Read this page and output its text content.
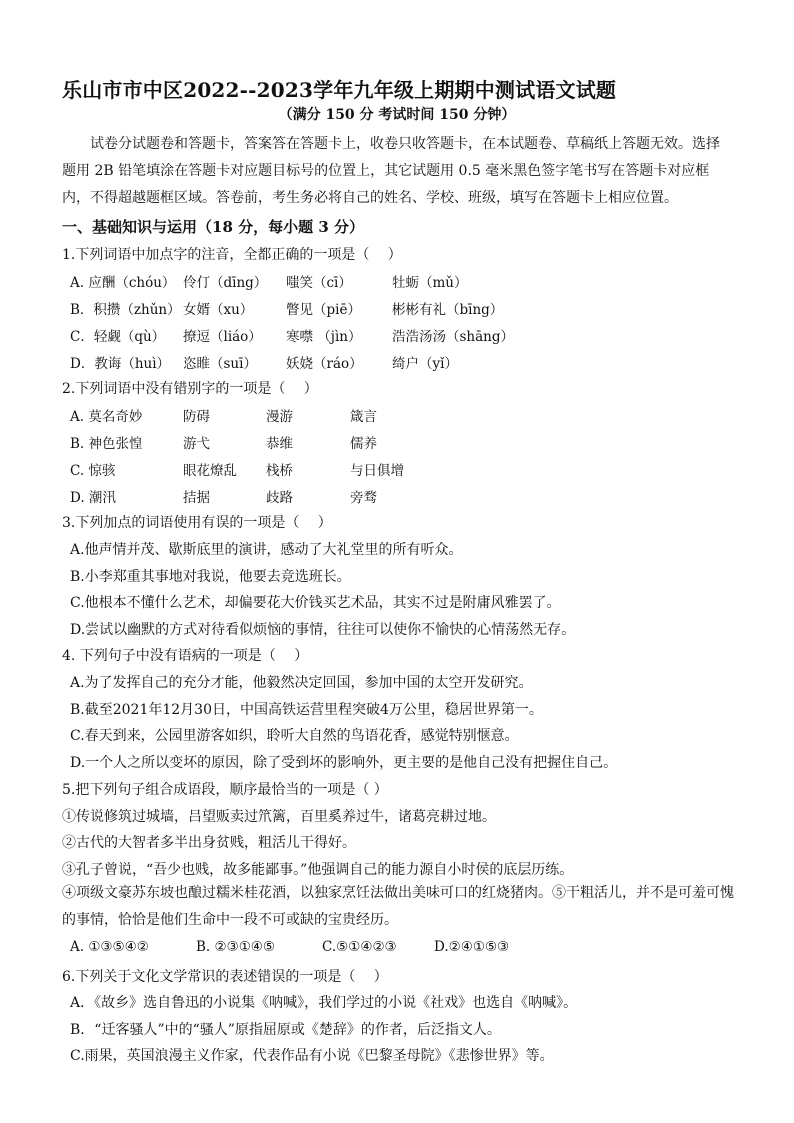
乐山市市中区2022--2023学年九年级上期期中测试语文试题
（满分 150 分 考试时间 150 分钟）
试卷分试题卷和答题卡，答案答在答题卡上，收卷只收答题卡，在本试题卷、草稿纸上答题无效。选择题用 2B 铅笔填涂在答题卡对应题目标号的位置上，其它试题用 0.5 毫米黑色签字笔书写在答题卡对应框内，不得超越题框区域。答卷前，考生务必将自己的姓名、学校、班级，填写在答题卡上相应位置。
一、基础知识与运用（18 分，每小题 3 分）
1.下列词语中加点字的注音，全都正确的一项是（　 ）
A. 应酬（chóu） 伶仃（dīng） 嗤笑（cī）	牡蛎（mǔ）
B．积攒（zhǔn） 女婿（xu） 瞥见（piē） 彬彬有礼（bīng）
C．轻觑（qù） 撩逗（liáo） 寒噤 （jìn） 浩浩汤汤（shāng）
D．教诲（huì） 恣睢（suī） 妖娆（ráo） 绮户（yǐ）
2.下列词语中没有错别字的一项是（　 ）
A. 莫名奇妙	防碍	漫游	箴言
B. 神色张惶	游弋	恭维	儒养
C. 惊骇	眼花燎乱 栈桥	与日俱增
D. 潮汛	拮据	歧路	旁骛
3.下列加点的词语使用有误的一项是（　 ）
A.他声情并茂、歇斯底里的演讲，感动了大礼堂里的所有听众。
B.小李郑重其事地对我说，他要去竞选班长。
C.他根本不懂什么艺术，却偏要花大价钱买艺术品，其实不过是附庸风雅罢了。
D.尝试以幽默的方式对待看似烦恼的事情，往往可以使你不愉快的心情荡然无存。
4. 下列句子中没有语病的一项是（　 ）
A.为了发挥自己的充分才能，他毅然决定回国，参加中国的太空开发研究。
B.截至2021年12月30日，中国高铁运营里程突破4万公里，稳居世界第一。
C.春天到来，公园里游客如织，聆听大自然的鸟语花香，感觉特别惬意。
D.一个人之所以变坏的原因，除了受到坏的影响外，更主要的是他自己没有把握住自己。
5.把下列句子组合成语段，顺序最恰当的一项是（ ）
①传说修筑过城墙，吕望贩卖过笊篱，百里奚养过牛，诸葛亮耕过地。
②古代的大智者多半出身贫贱，粗活儿干得好。
③孔子曾说，“吾少也贱，故多能鄙事。”他强调自己的能力源自小时侯的底层历练。
④项级文豪苏东坡也酿过糯米桂花酒，以独家烹饪法做出美味可口的红烧猪肉。⑤干粗活儿，并不是可羞可愧的事情，恰恰是他们生命中一段不可或缺的宝贵经历。
A. ①③⑤④②	B. ②③①④⑤	C.⑤①④②③	D.②④①⑤③
6.下列关于文化文学常识的表述错误的一项是（　 ）
A．《故乡》选自鲁迅的小说集《呐喊》，我们学过的小说《社戏》也选自《呐喊》。
B．“迁客骚人”中的“骚人”原指屈原或《楚辞》的作者，后泛指文人。
C.雨果，英国浪漫主义作家，代表作品有小说《巴黎圣母院》《悲惨世界》等。
